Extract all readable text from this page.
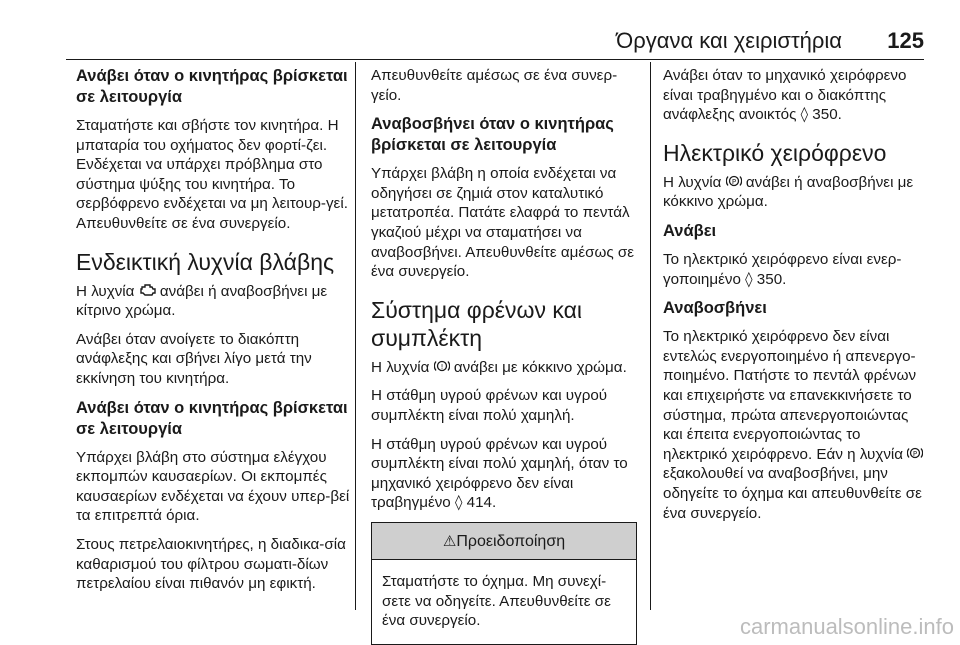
Όργανα και χειριστήρια 125
Ανάβει όταν ο κινητήρας βρίσκεται σε λειτουργία

Σταματήστε και σβήστε τον κινητήρα. Η μπαταρία του οχήματος δεν φορτί-ζει. Ενδέχεται να υπάρχει πρόβλημα στο σύστημα ψύξης του κινητήρα. Το σερβόφρενο ενδέχεται να μη λειτουρ-γεί. Απευθυνθείτε σε ένα συνεργείο.

Ενδεικτική λυχνία βλάβης

Η λυχνία  ανάβει ή αναβοσβήνει με κίτρινο χρώμα.

Ανάβει όταν ανοίγετε το διακόπτη ανάφλεξης και σβήνει λίγο μετά την εκκίνηση του κινητήρα.

Ανάβει όταν ο κινητήρας βρίσκεται σε λειτουργία

Υπάρχει βλάβη στο σύστημα ελέγχου εκπομπών καυσαερίων. Οι εκπομπές καυσαερίων ενδέχεται να έχουν υπερ-βεί τα επιτρεπτά όρια.

Στους πετρελαιοκινητήρες, η διαδικα-σία καθαρισμού του φίλτρου σωματι-δίων πετρελαίου είναι πιθανόν μη εφικτή.

Απευθυνθείτε αμέσως σε ένα συνερ-γείο.

Αναβοσβήνει όταν ο κινητήρας βρίσκεται σε λειτουργία

Υπάρχει βλάβη η οποία ενδέχεται να οδηγήσει σε ζημιά στον καταλυτικό μετατροπέα. Πατάτε ελαφρά το πεντάλ γκαζιού μέχρι να σταματήσει να αναβοσβήνει. Απευθυνθείτε αμέσως σε ένα συνεργείο.

Σύστημα φρένων και συμπλέκτη

Η λυχνία ! ανάβει με κόκκινο χρώμα.

Η στάθμη υγρού φρένων και υγρού συμπλέκτη είναι πολύ χαμηλή.

Η στάθμη υγρού φρένων και υγρού συμπλέκτη είναι πολύ χαμηλή, όταν το μηχανικό χειρόφρενο δεν είναι τραβηγμένο ◊ 414.

⚠Προειδοποίηση

Σταματήστε το όχημα. Μη συνεχί-σετε να οδηγείτε. Απευθυνθείτε σε ένα συνεργείο.

Ανάβει όταν το μηχανικό χειρόφρενο είναι τραβηγμένο και ο διακόπτης ανάφλεξης ανοικτός ◊ 350.

Ηλεκτρικό χειρόφρενο

Η λυχνία P ανάβει ή αναβοσβήνει με κόκκινο χρώμα.

Ανάβει

Το ηλεκτρικό χειρόφρενο είναι ενερ-γοποιημένο ◊ 350.

Αναβοσβήνει

Το ηλεκτρικό χειρόφρενο δεν είναι εντελώς ενεργοποιημένο ή απενεργο-ποιημένο. Πατήστε το πεντάλ φρένων και επιχειρήστε να επανεκκινήσετε το σύστημα, πρώτα απενεργοποιώντας και έπειτα ενεργοποιώντας το ηλεκτρικό χειρόφρενο. Εάν η λυχνία P
εξακολουθεί να αναβοσβήνει, μην οδηγείτε το όχημα και απευθυνθείτε σε ένα συνεργείο.

carmanualsonline.info
